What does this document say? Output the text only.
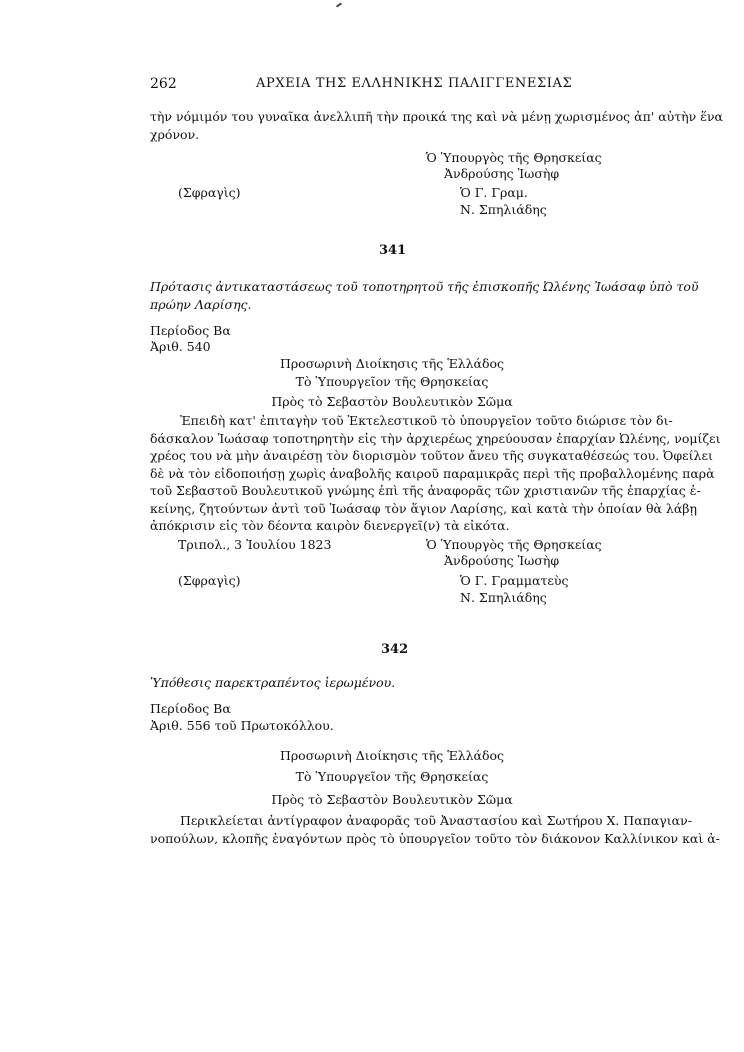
262	ΑΡΧΕΙΑ ΤΗΣ ΕΛΛΗΝΙΚΗΣ ΠΑΛΙΓΓΕΝΕΣΙΑΣ
τὴν νόμιμόν του γυναῖκα ἀνελλιπῆ τὴν προικά της καὶ νὰ μένῃ χωρισμένος ἀπ' αὐτὴν ἕνα
χρόνον.
Ὁ Ὑπουργὸς τῆς Θρησκείας
Ἀνδρούσης Ἰωσὴφ
(Σφραγὶς)	Ὁ Γ. Γραμ.
Ν. Σπηλιάδης
341
Πρότασις ἀντικαταστάσεως τοῦ τοποτηρητοῦ τῆς ἐπισκοπῆς Ὠλένης Ἰωάσαφ ὑπὸ τοῦ
πρώην Λαρίσης.
Περίοδος Βα
Ἀριθ. 540
Προσωρινὴ Διοίκησις τῆς Ἑλλάδος
Τὸ Ὑπουργεῖον τῆς Θρησκείας
Πρὸς τὸ Σεβαστὸν Βουλευτικὸν Σῶμα
Ἐπειδὴ κατ' ἐπιταγὴν τοῦ Ἐκτελεστικοῦ τὸ ὑπουργεῖον τοῦτο διώρισε τὸν δι-
δάσκαλον Ἰωάσαφ τοποτηρητὴν εἰς τὴν ἀρχιερέως χηρεύουσαν ἐπαρχίαν Ὠλένης, νομίζει
χρέος του νὰ μὴν ἀναιρέσῃ τὸν διορισμὸν τοῦτον ἄνευ τῆς συγκαταθέσεώς του. Ὀφείλει
δὲ νὰ τὸν εἰδοποιήσῃ χωρὶς ἀναβολῆς καιροῦ παραμικρᾶς περὶ τῆς προβαλλομένης παρὰ
τοῦ Σεβαστοῦ Βουλευτικοῦ γνώμης ἐπὶ τῆς ἀναφορᾶς τῶν χριστιανῶν τῆς ἐπαρχίας ἐ-
κείνης, ζητούντων ἀντὶ τοῦ Ἰωάσαφ τὸν ἅγιον Λαρίσης, καὶ κατὰ τὴν ὁποίαν θὰ λάβῃ
ἀπόκρισιν εἰς τὸν δέοντα καιρὸν διενεργεῖ(ν) τὰ εἰκότα.
Τριπολ., 3 Ἰουλίου 1823	Ὁ Ὑπουργὸς τῆς Θρησκείας
Ἀνδρούσης Ἰωσὴφ
(Σφραγὶς)	Ὁ Γ. Γραμματεὺς
Ν. Σπηλιάδης
342
Ὑπόθεσις παρεκτραπέντος ἱερωμένου.
Περίοδος Βα
Ἀριθ. 556 τοῦ Πρωτοκόλλου.
Προσωρινὴ Διοίκησις τῆς Ἑλλάδος
Τὸ Ὑπουργεῖον τῆς Θρησκείας
Πρὸς τὸ Σεβαστὸν Βουλευτικὸν Σῶμα
Περικλείεται ἀντίγραφον ἀναφορᾶς τοῦ Ἀναστασίου καὶ Σωτήρου Χ. Παπαγιαν-
νοπούλων, κλοπῆς ἐναγόντων πρὸς τὸ ὑπουργεῖον τοῦτο τὸν διάκονον Καλλίνικον καὶ ἀ-
